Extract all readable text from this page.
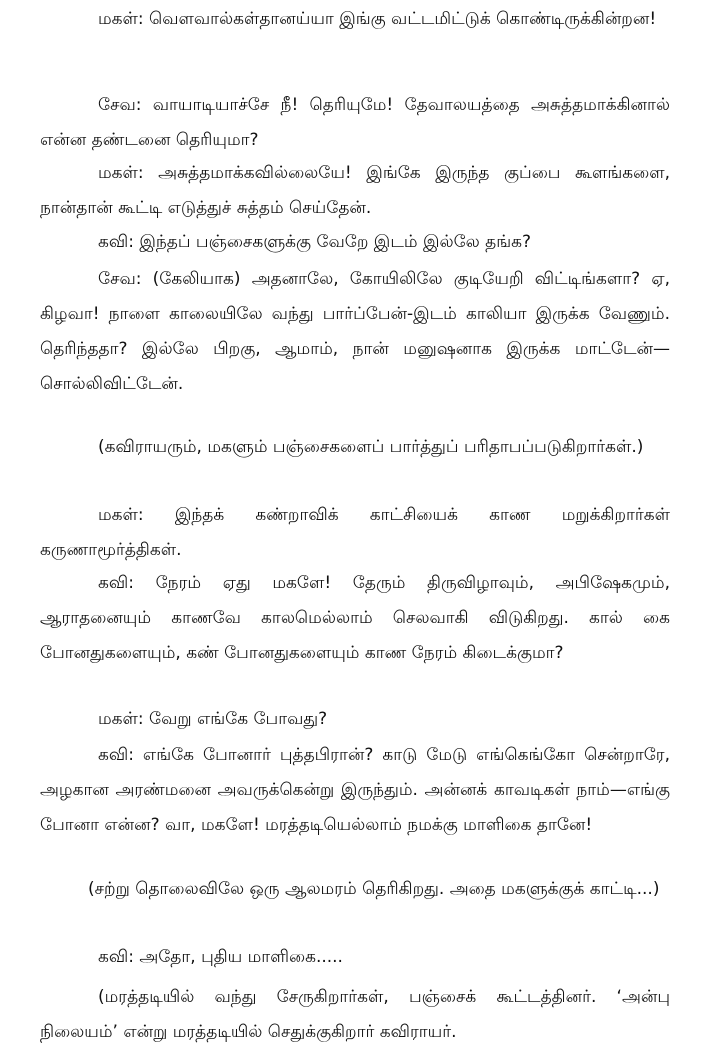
மகள்: வெளவால்கள்தானய்யா இங்கு வட்டமிட்டுக் கொண்டிருக்கின்றன!

சேவ: வாயாடியாச்சே நீ! தெரியுமே! தேவாலயத்தை அசுத்தமாக்கினால் என்ன தண்டனை தெரியுமா?

மகள்: அசுத்தமாக்கவில்லையே! இங்கே இருந்த குப்பை கூளங்களை, நான்தான் கூட்டி எடுத்துச் சுத்தம் செய்தேன்.

கவி: இந்தப் பஞ்சைகளுக்கு வேறே இடம் இல்லே தங்க?

சேவ: (கேலியாக) அதனாலே, கோயிலிலே குடியேறி விட்டிங்களா? ஏ, கிழவா! நாளை காலையிலே வந்து பார்ப்பேன்-இடம் காலியா இருக்க வேணும். தெரிந்ததா? இல்லே பிறகு, ஆமாம், நான் மனுஷனாக இருக்க மாட்டேன்—சொல்லிவிட்டேன்.

(கவிராயரும், மகளும் பஞ்சைகளைப் பார்த்துப் பரிதாபப்படுகிறார்கள்.)

மகள்: இந்தக் கண்றாவிக் காட்சியைக் காண மறுக்கிறார்கள் கருணாமூர்த்திகள்.

கவி: நேரம் ஏது மகளே! தேரும் திருவிழாவும், அபிஷேகமும், ஆராதனையும் காணவே காலமெல்லாம் செலவாகி விடுகிறது. கால் கை போனதுகளையும், கண் போனதுகளையும் காண நேரம் கிடைக்குமா?

மகள்: வேறு எங்கே போவது?

கவி: எங்கே போனார் புத்தபிரான்? காடு மேடு எங்கெங்கோ சென்றாரே, அழகான அரண்மனை அவருக்கென்று இருந்தும். அன்னக் காவடிகள் நாம்—எங்கு போனா என்ன? வா, மகளே! மரத்தடியெல்லாம் நமக்கு மாளிகை தானே!

(சற்று தொலைவிலே ஒரு ஆலமரம் தெரிகிறது. அதை மகளுக்குக் காட்டி...)

கவி: அதோ, புதிய மாளிகை.....

(மரத்தடியில் வந்து சேருகிறார்கள், பஞ்சைக் கூட்டத்தினர். ‘அன்பு நிலையம்’ என்று மரத்தடியில் செதுக்குகிறார் கவிராயர்.
